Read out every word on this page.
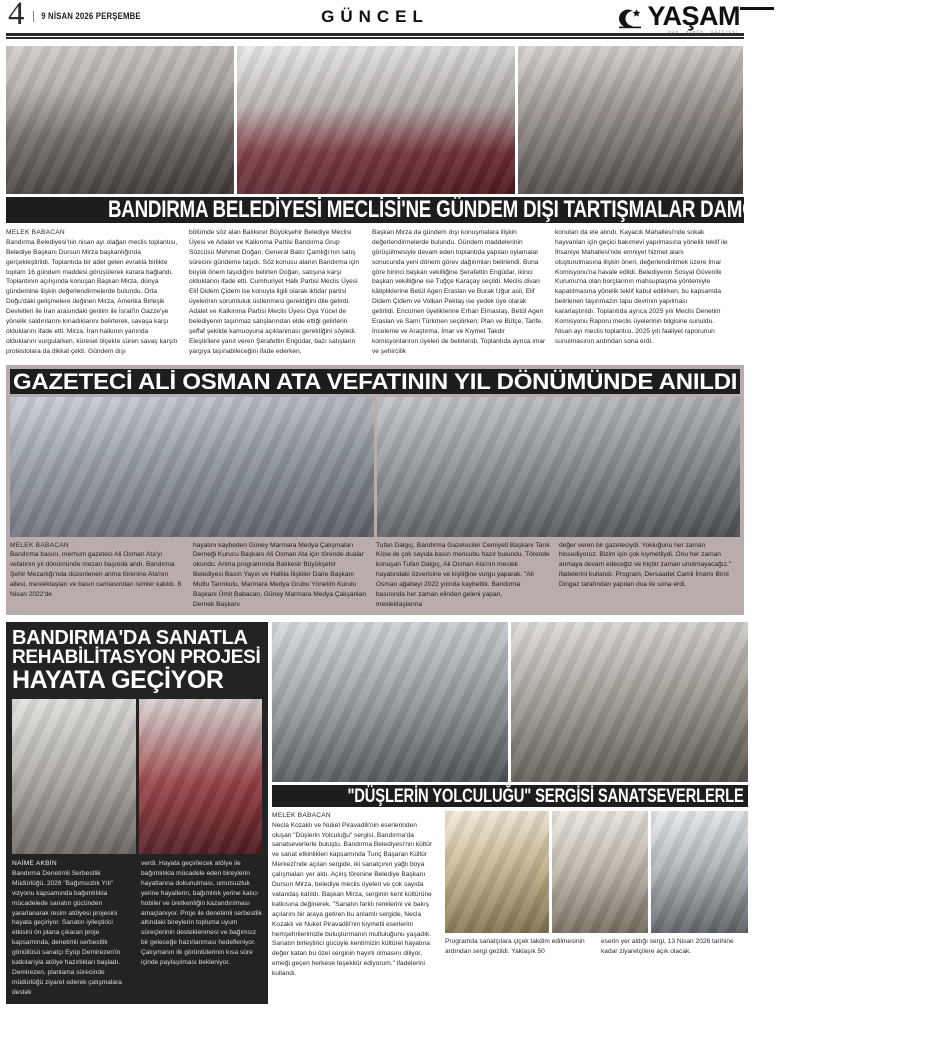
4	9 NİSAN 2026 PERŞEMBE	GÜNCEL	YAŞAM
GÜN . HABER . GAZETESİ
BANDIRMA BELEDİYESİ MECLİSİ'NE GÜNDEM DIŞI TARTIŞMALAR DAMGA VURDU
MELEK BABACAN

Bandırma Belediyesi'nin nisan ayı olağan meclis toplantısı, Belediye Başkanı Dursun Mirza başkanlığında gerçekleştirildi. Toplantıda bir adet gelen evrakla birlikte toplam 16 gündem maddesi görüşülerek karara bağlandı. Toplantının açılışında konuşan Başkan Mirza, dünya gündemine ilişkin değerlendirmelerde bulundu. Orta Doğu'daki gelişmelere değinen Mirza, Amerika Birleşik Devletleri ile İran arasındaki gerilim ile İsrail'in Gazze'ye yönelik saldırılarını kınadıklarını belirterek, savaşa karşı olduklarını ifade etti. Mirza, İran halkının yanında olduklarını vurgularken, küresel ölçekte süren savaş karşıtı protestolara da dikkat çekti. Gündem dışı

bölümde söz alan Balıkesir Büyükşehir Belediye Meclisi Üyesi ve Adalet ve Kalkınma Partisi Bandırma Grup Sözcüsü Mehmet Doğan, General Balcı Çamlığı'nın satış sürecini gündeme taşıdı. Söz konusu alanın Bandırma için büyük önem taşıdığını belirten Doğan, satışına karşı olduklarını ifade etti. Cumhuriyet Halk Partisi Meclis Üyesi Elif Didem Çidem ise konuyla ilgili olarak iktidar partisi üyelerinin sorumluluk üstlenmesi gerektiğini dile getirdi. Adalet ve Kalkınma Partisi Meclis Üyesi Oya Yücel de belediyenin taşınmaz satışlarından elde ettiği gelirlerin şeffaf şekilde kamuoyuna açıklanması gerektiğini söyledi. Eleştirilere yanıt veren Şerafettin Engüdar, bazı satışların yargıya taşınabileceğini ifade ederken,

Başkan Mirza da gündem dışı konuşmalara ilişkin değerlendirmelerde bulundu. Gündem maddelerinin görüşülmesiyle devam eden toplantıda yapılan oylamalar sonucunda yeni dönem görev dağılımları belirlendi. Buna göre birinci başkan vekilliğine Şerafettin Engüdar, ikinci başkan vekilliğine ise Tuğçe Karaçay seçildi. Meclis divan kâtipliklerine Betül Agen Eraslan ve Burak Uğur asil, Elif Didem Çidem ve Volkan Pektaş ise yedek üye olarak getirildi. Encümen üyeliklerine Erhan Elmastaş, Betül Agen Eraslan ve Sami Türkmen seçilirken; Plan ve Bütçe, Tarife, İnceleme ve Araştırma, İmar ve Kıymet Takdir komisyonlarının üyeleri de belirlendi. Toplantıda ayrıca imar ve şehircilik

konuları da ele alındı. Kayacık Mahallesi'nde sokak hayvanları için geçici bakımevi yapılmasına yönelik teklif ile İhsaniye Mahallesi'nde emniyet hizmet alanı oluşturulmasına ilişkin öneri, değerlendirilmek üzere İmar Komisyonu'na havale edildi. Belediyenin Sosyal Güvenlik Kurumu'na olan borçlarının mahsuplaşma yöntemiyle kapatılmasına yönelik teklif kabul edilirken, bu kapsamda belirlenen taşınmazın tapu devrinin yapılması kararlaştırıldı. Toplantıda ayrıca 2025 yılı Meclis Denetim Komisyonu Raporu meclis üyelerinin bilgisine sunuldu. Nisan ayı meclis toplantısı, 2025 yılı faaliyet raporunun sunulmasının ardından sona erdi.

GAZETECİ ALİ OSMAN ATA VEFATININ YIL DÖNÜMÜNDE ANILDI
MELEK BABACAN

Bandırma basını, merhum gazeteci Ali Osman Ata'yı vefatının yıl dönümünde mezarı başında andı. Bandırma Şehir Mezarlığı'nda düzenlenen anma törenine Ata'nın ailesi, meslektaşları ve basın camiasından isimler katıldı. 8 Nisan 2022'de

hayatını kaybeden Güney Marmara Medya Çalışmaları Derneği Kurucu Başkanı Ali Osman Ata için törende dualar okundu. Anma programında Balıkesir Büyükşehir Belediyesi Basın Yayın ve Halkla İlişkiler Daire Başkanı Mutlu Tanrıkulu, Marmara Medya Grubu Yönetim Kurulu Başkanı Ümit Babacan, Güney Marmara Medya Çalışanları Dernek Başkanı

Tufan Dalgıç, Bandırma Gazeteciler Cemiyeti Başkanı Tarık Köse ile çok sayıda basın mensubu hazır bulundu. Törende konuşan Tufan Dalgıç, Ali Osman Ata'nın meslek hayatındaki özverisine ve kişiliğine vurgu yaparak, "Ali Osman ağabeyi 2022 yılında kaybettik. Bandırma basınında her zaman elinden geleni yapan, meslektaşlarına

değer veren bir gazeteciydi. Yokluğunu her zaman hissediyoruz. Bizim için çok kıymetliydi. Onu her zaman anmaya devam edeceğiz ve hiçbir zaman unutmayacağız." ifadelerini kullandı. Program, Dersaadet Camii İmamı Birol Dingaz tarafından yapılan dua ile sona erdi.

BANDIRMA'DA SANATLA
REHABİLİTASYON PROJESİ
HAYATA GEÇİYOR
NAİME AKBİN

Bandırma Denetimli Serbestlik Müdürlüğü, 2026 "Bağımsızlık Yılı" vizyonu kapsamında bağımlılıkla mücadelede sanatın gücünden yararlanarak resim atölyesi projesini hayata geçiriyor. Sanatın iyileştirici etkisini ön plana çıkaran proje kapsamında, denetimli serbestlik gönüllüsü sanatçı Eyüp Demirezen'in katkılarıyla atölye hazırlıkları başladı. Demirezen, planlama sürecinde müdürlüğü ziyaret ederek çalışmalara destek

verdi. Hayata geçirilecek atölye ile bağımlılıkla mücadele eden bireylerin hayatlarına dokunulması, umutsuzluk yerine hayallerin, bağımlılık yerine kalıcı hobiler ve üretkenliğin kazandırılması amaçlanıyor. Proje ile denetimli serbestlik altındaki bireylerin topluma uyum süreçlerinin desteklenmesi ve bağımsız bir geleceğe hazırlanması hedefleniyor. Çalışmanın ilk görüntülerinin kısa süre içinde paylaşılması bekleniyor.

"DÜŞLERİN YOLCULUĞU" SERGİSİ SANATSEVERLERLE BULUŞTU
MELEK BABACAN

Necla Kozaklı ve Nuket Piravadili'nin eserlerinden oluşan "Düşlerin Yolculuğu" sergisi, Bandırma'da sanatseverlerle buluştu. Bandırma Belediyesi'nin kültür ve sanat etkinlikleri kapsamında Tunç Başaran Kültür Merkezi'nde açılan sergide, iki sanatçının yağlı boya çalışmaları yer aldı. Açılış törenine Belediye Başkanı Dursun Mirza, belediye meclis üyeleri ve çok sayıda vatandaş katıldı. Başkan Mirza, serginin kent kültürüne katkısına değinerek, "Sanatın farklı renklerini ve bakış açılarını bir araya getiren bu anlamlı sergide, Necla Kozaklı ve Nuket Piravadili'nin kıymetli eserlerini hemşehrilerimizle buluşturmanın mutluluğunu yaşadık. Sanatın birleştirici gücüyle kentimizin kültürel hayatına değer katan bu özel serginin hayırlı olmasını diliyor, emeği geçen herkese teşekkür ediyorum." ifadelerini kullandı.

Programda sanatçılara çiçek takdim edilmesinin ardından sergi gezildi. Yaklaşık 50

eserin yer aldığı sergi, 13 Nisan 2026 tarihine kadar ziyaretçilere açık olacak.
